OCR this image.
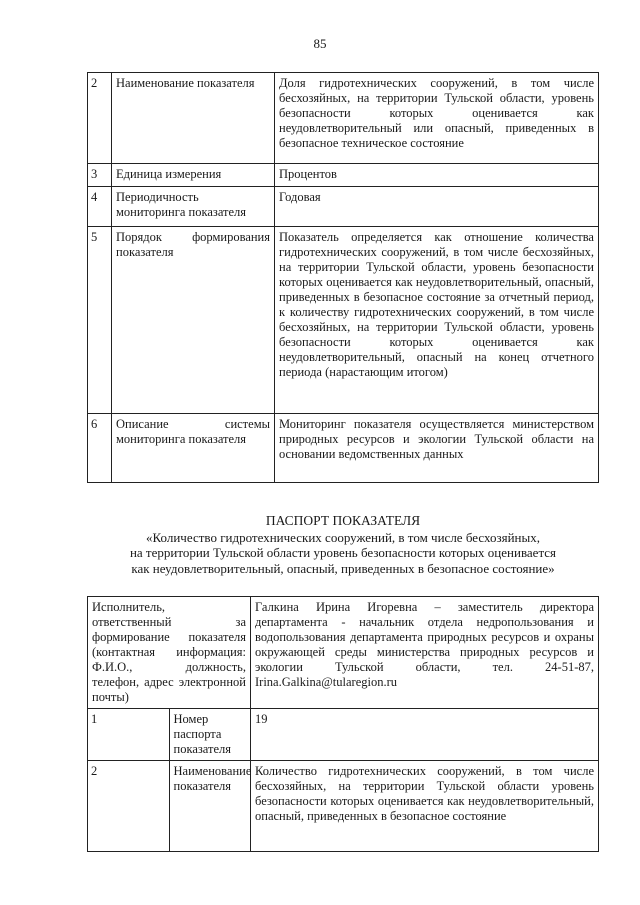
85
2	Наименование показателя	Доля гидротехнических сооружений, в том числе бесхозяйных, на территории Тульской области, уровень безопасности которых оценивается как неудовлетворительный или опасный, приведенных в безопасное техническое состояние
3	Единица измерения	Процентов
4	Периодичность мониторинга показателя	Годовая
5	Порядок формирования показателя	Показатель определяется как отношение количества гидротехнических сооружений, в том числе бесхозяйных, на территории Тульской области, уровень безопасности которых оценивается как неудовлетворительный, опасный, приведенных в безопасное состояние за отчетный период, к количеству гидротехнических сооружений, в том числе бесхозяйных, на территории Тульской области, уровень безопасности которых оценивается как неудовлетворительный, опасный на конец отчетного периода (нарастающим итогом)
6	Описание системы мониторинга показателя	Мониторинг показателя осуществляется министерством природных ресурсов и экологии Тульской области на основании ведомственных данных
ПАСПОРТ ПОКАЗАТЕЛЯ
«Количество гидротехнических сооружений, в том числе бесхозяйных,
на территории Тульской области уровень безопасности которых оценивается
как неудовлетворительный, опасный, приведенных в безопасное состояние»
Исполнитель, ответственный за формирование показателя (контактная информация: Ф.И.О., должность, телефон, адрес электронной почты)		Галкина Ирина Игоревна – заместитель директора департамента - начальник отдела недропользования и водопользования департамента природных ресурсов и охраны окружающей среды министерства природных ресурсов и экологии Тульской области, тел. 24-51-87, Irina.Galkina@tularegion.ru
1	Номер паспорта показателя	19
2	Наименование показателя	Количество гидротехнических сооружений, в том числе бесхозяйных, на территории Тульской области уровень безопасности которых оценивается как неудовлетворительный, опасный, приведенных в безопасное состояние
